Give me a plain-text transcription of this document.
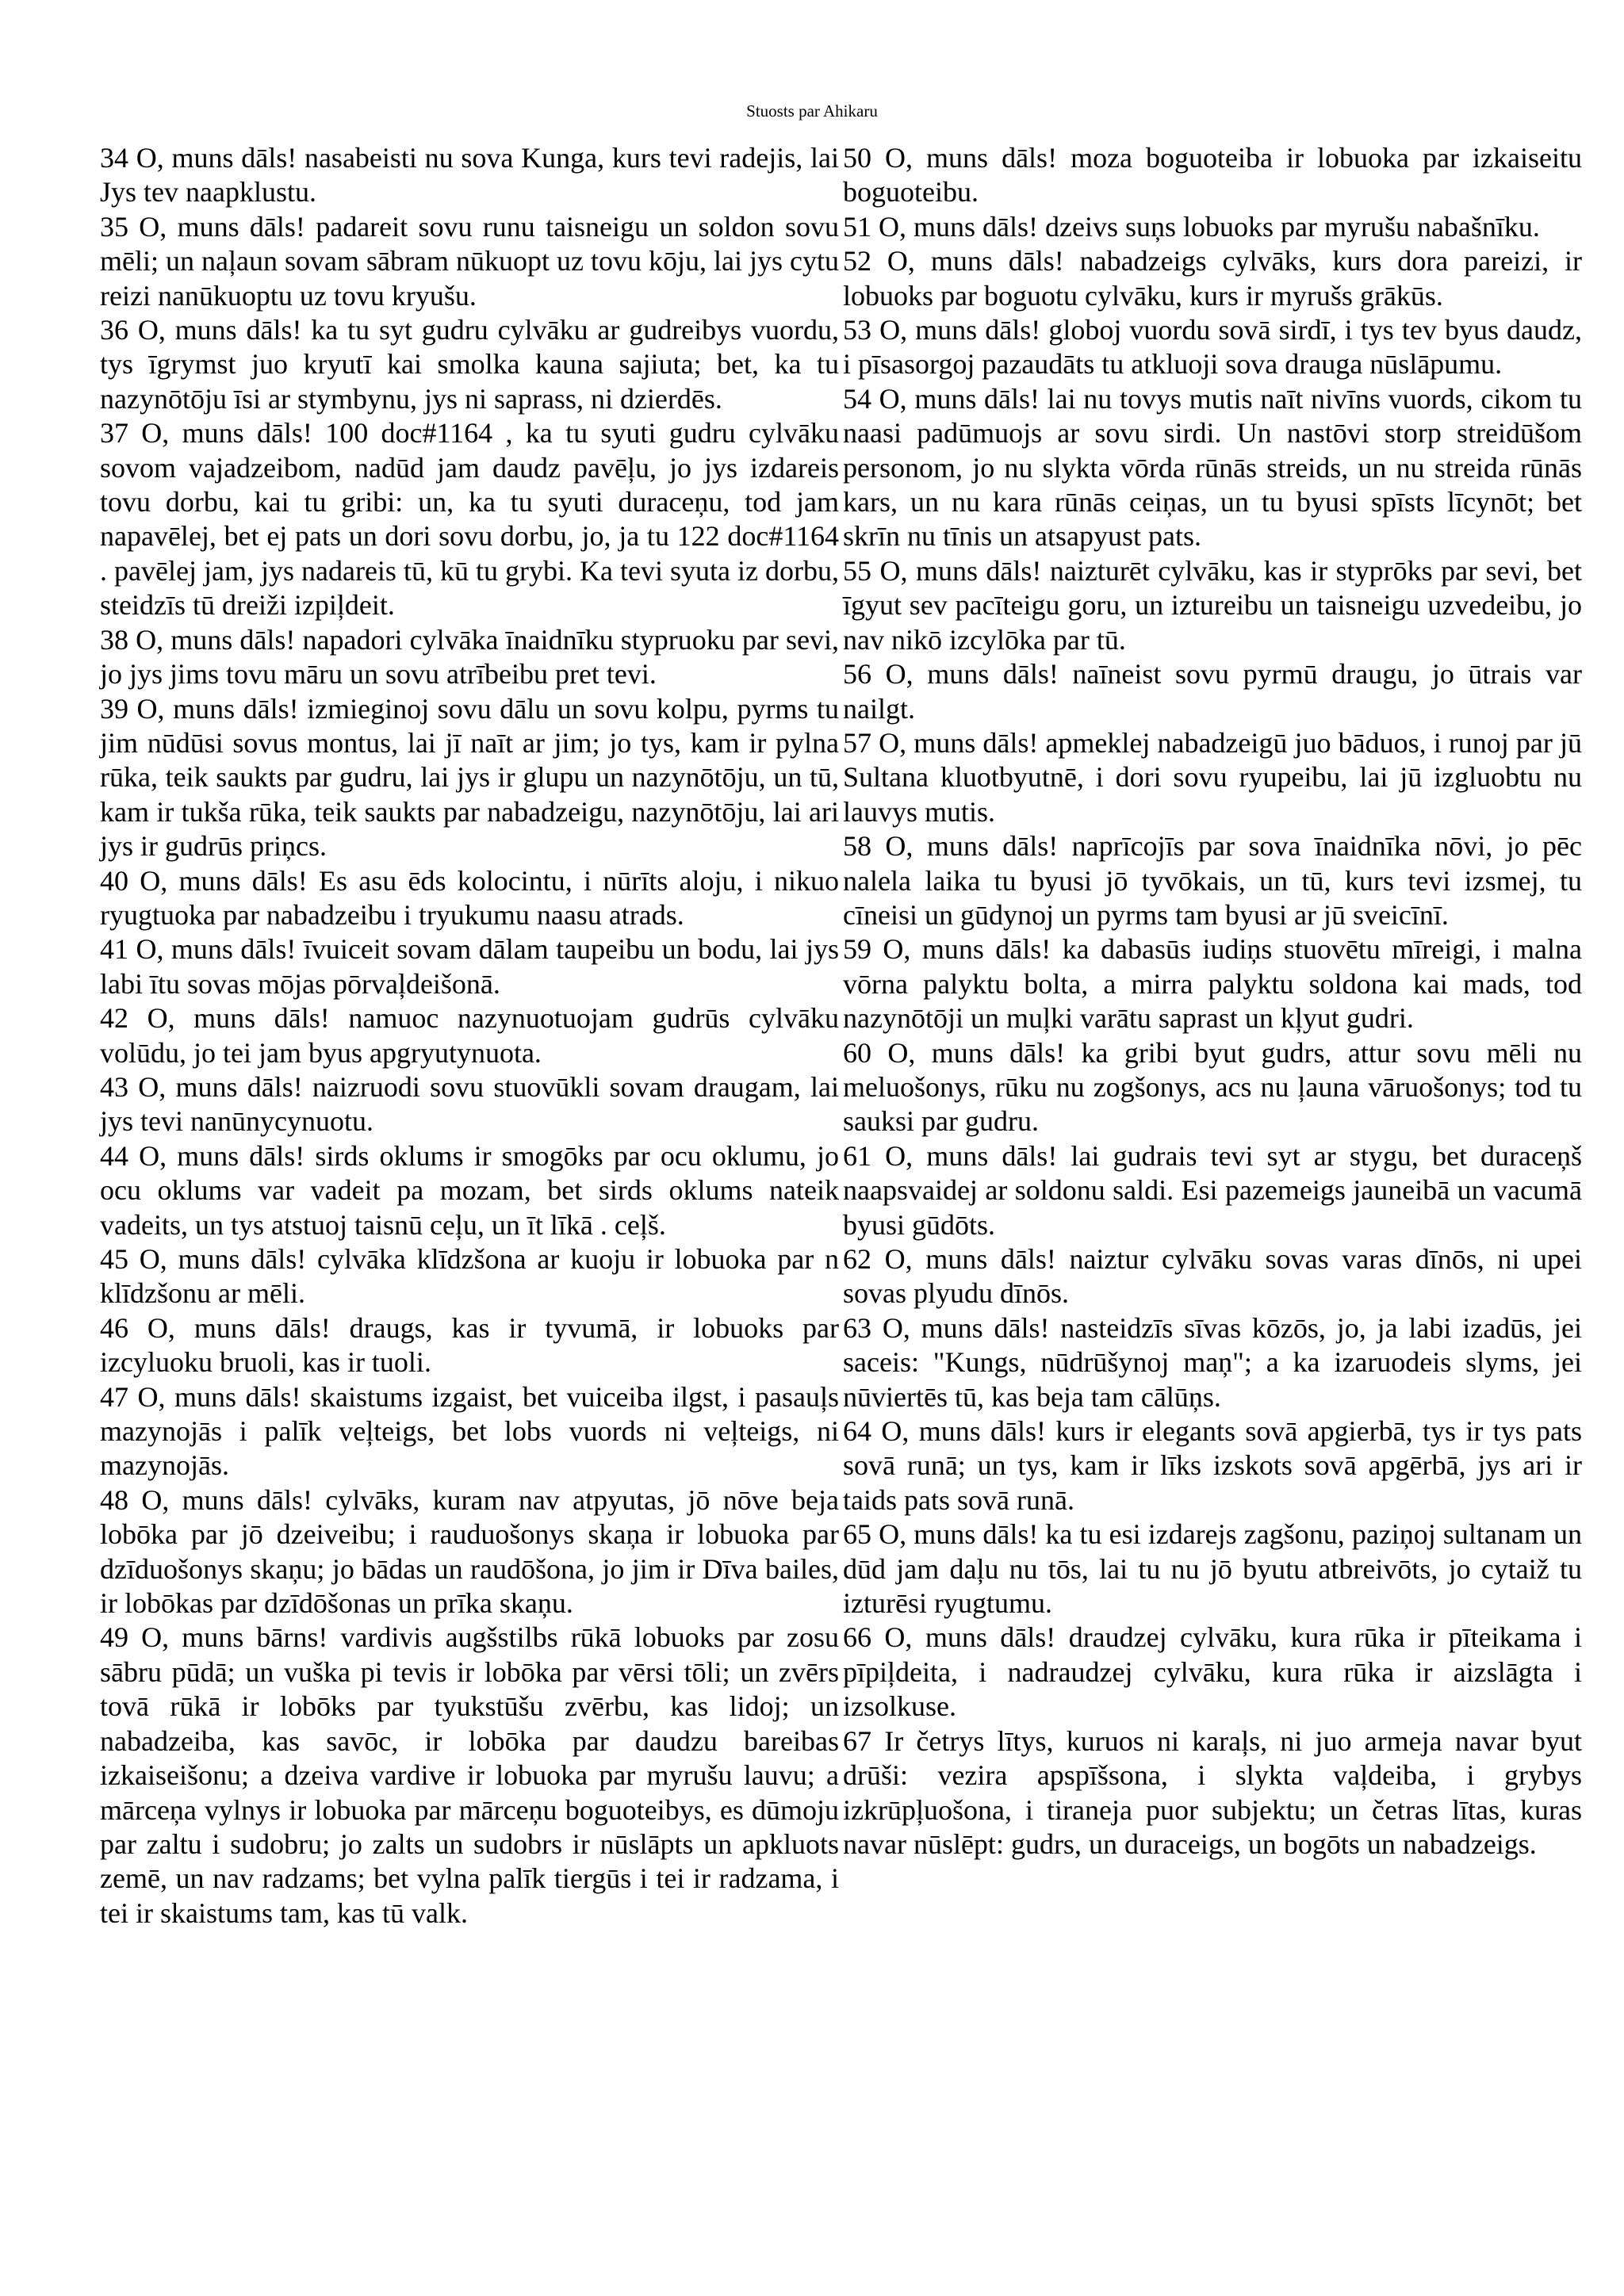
Stuosts par Ahikaru

34 O, muns dāls! nasabeisti nu sova Kunga, kurs tevi radejis, lai Jys tev naapklustu.

35 O, muns dāls! padareit sovu runu taisneigu un soldon sovu mēli; un naļaun sovam sābram nūkuopt uz tovu kōju, lai jys cytu reizi nanūkuoptu uz tovu kryušu.

36 O, muns dāls! ka tu syt gudru cylvāku ar gudreibys vuordu, tys īgrymst juo kryutī kai smolka kauna sajiuta; bet, ka tu nazynōtōju īsi ar stymbynu, jys ni saprass, ni dzierdēs.

37 O, muns dāls! 100 doc#1164 , ka tu syuti gudru cylvāku sovom vajadzeibom, nadūd jam daudz pavēļu, jo jys izdareis tovu dorbu, kai tu gribi: un, ka tu syuti duraceņu, tod jam napavēlej, bet ej pats un dori sovu dorbu, jo, ja tu 122 doc#1164 . pavēlej jam, jys nadareis tū, kū tu grybi. Ka tevi syuta iz dorbu, steidzīs tū dreiži izpiļdeit.

38 O, muns dāls! napadori cylvāka īnaidnīku stypruoku par sevi, jo jys jims tovu māru un sovu atrībeibu pret tevi.

39 O, muns dāls! izmieginoj sovu dālu un sovu kolpu, pyrms tu jim nūdūsi sovus montus, lai jī naīt ar jim; jo tys, kam ir pylna rūka, teik saukts par gudru, lai jys ir glupu un nazynōtōju, un tū, kam ir tukša rūka, teik saukts par nabadzeigu, nazynōtōju, lai ari jys ir gudrūs priņcs.

40 O, muns dāls! Es asu ēds kolocintu, i nūrīts aloju, i nikuo ryugtuoka par nabadzeibu i tryukumu naasu atrads.

41 O, muns dāls! īvuiceit sovam dālam taupeibu un bodu, lai jys labi ītu sovas mōjas pōrvaļdeišonā.

42 O, muns dāls! namuoc nazynuotuojam gudrūs cylvāku volūdu, jo tei jam byus apgryutynuota.

43 O, muns dāls! naizruodi sovu stuovūkli sovam draugam, lai jys tevi nanūnycynuotu.

44 O, muns dāls! sirds oklums ir smogōks par ocu oklumu, jo ocu oklums var vadeit pa mozam, bet sirds oklums nateik vadeits, un tys atstuoj taisnū ceļu, un īt līkā . ceļš.

45 O, muns dāls! cylvāka klīdzšona ar kuoju ir lobuoka par n klīdzšonu ar mēli.

46 O, muns dāls! draugs, kas ir tyvumā, ir lobuoks par izcyluoku bruoli, kas ir tuoli.

47 O, muns dāls! skaistums izgaist, bet vuiceiba ilgst, i pasauļs mazynojās i palīk veļteigs, bet lobs vuords ni veļteigs, ni mazynojās.

48 O, muns dāls! cylvāks, kuram nav atpyutas, jō nōve beja lobōka par jō dzeiveibu; i rauduošonys skaņa ir lobuoka par dzīduošonys skaņu; jo bādas un raudōšona, jo jim ir Dīva bailes, ir lobōkas par dzīdōšonas un prīka skaņu.

49 O, muns bārns! vardivis augšstilbs rūkā lobuoks par zosu sābru pūdā; un vuška pi tevis ir lobōka par vērsi tōli; un zvērs tovā rūkā ir lobōks par tyukstūšu zvērbu, kas lidoj; un nabadzeiba, kas savōc, ir lobōka par daudzu bareibas izkaiseišonu; a dzeiva vardive ir lobuoka par myrušu lauvu; a mārceņa vylnys ir lobuoka par mārceņu boguoteibys, es dūmoju par zaltu i sudobru; jo zalts un sudobrs ir nūslāpts un apkluots zemē, un nav radzams; bet vylna palīk tiergūs i tei ir radzama, i tei ir skaistums tam, kas tū valk.

50 O, muns dāls! moza boguoteiba ir lobuoka par izkaiseitu boguoteibu.

51 O, muns dāls! dzeivs suņs lobuoks par myrušu nabašnīku.

52 O, muns dāls! nabadzeigs cylvāks, kurs dora pareizi, ir lobuoks par boguotu cylvāku, kurs ir myrušs grākūs.

53 O, muns dāls! globoj vuordu sovā sirdī, i tys tev byus daudz, i pīsasorgoj pazaudāts tu atkluoji sova drauga nūslāpumu.

54 O, muns dāls! lai nu tovys mutis naīt nivīns vuords, cikom tu naasi padūmuojs ar sovu sirdi. Un nastōvi storp streidūšom personom, jo nu slykta vōrda rūnās streids, un nu streida rūnās kars, un nu kara rūnās ceiņas, un tu byusi spīsts līcynōt; bet skrīn nu tīnis un atsapyust pats.

55 O, muns dāls! naizturēt cylvāku, kas ir styprōks par sevi, bet īgyut sev pacīteigu goru, un iztureibu un taisneigu uzvedeibu, jo nav nikō izcylōka par tū.

56 O, muns dāls! naīneist sovu pyrmū draugu, jo ūtrais var nailgt.

57 O, muns dāls! apmeklej nabadzeigū juo bāduos, i runoj par jū Sultana kluotbyutnē, i dori sovu ryupeibu, lai jū izgluobtu nu lauvys mutis.

58 O, muns dāls! naprīcojīs par sova īnaidnīka nōvi, jo pēc nalela laika tu byusi jō tyvōkais, un tū, kurs tevi izsmej, tu cīneisi un gūdynoj un pyrms tam byusi ar jū sveicīnī.

59 O, muns dāls! ka dabasūs iudiņs stuovētu mīreigi, i malna vōrna palyktu bolta, a mirra palyktu soldona kai mads, tod nazynōtōji un muļki varātu saprast un kļyut gudri.

60 O, muns dāls! ka gribi byut gudrs, attur sovu mēli nu meluošonys, rūku nu zogšonys, acs nu ļauna vāruošonys; tod tu sauksi par gudru.

61 O, muns dāls! lai gudrais tevi syt ar stygu, bet duraceņš naapsvaidej ar soldonu saldi. Esi pazemeigs jauneibā un vacumā byusi gūdōts.

62 O, muns dāls! naiztur cylvāku sovas varas dīnōs, ni upei sovas plyudu dīnōs.

63 O, muns dāls! nasteidzīs sīvas kōzōs, jo, ja labi izadūs, jei saceis: "Kungs, nūdrūšynoj maņ"; a ka izaruodeis slyms, jei nūviertēs tū, kas beja tam cālūņs.

64 O, muns dāls! kurs ir elegants sovā apgierbā, tys ir tys pats sovā runā; un tys, kam ir līks izskots sovā apgērbā, jys ari ir taids pats sovā runā.

65 O, muns dāls! ka tu esi izdarejs zagšonu, paziņoj sultanam un dūd jam daļu nu tōs, lai tu nu jō byutu atbreivōts, jo cytaiž tu izturēsi ryugtumu.

66 O, muns dāls! draudzej cylvāku, kura rūka ir pīteikama i pīpiļdeita, i nadraudzej cylvāku, kura rūka ir aizslāgta i izsolkuse.

67 Ir četrys lītys, kuruos ni karaļs, ni juo armeja navar byut drūši: vezira apspīšsona, i slykta vaļdeiba, i grybys izkrūpļuošona, i tiraneja puor subjektu; un četras lītas, kuras navar nūslēpt: gudrs, un duraceigs, un bogōts un nabadzeigs.
